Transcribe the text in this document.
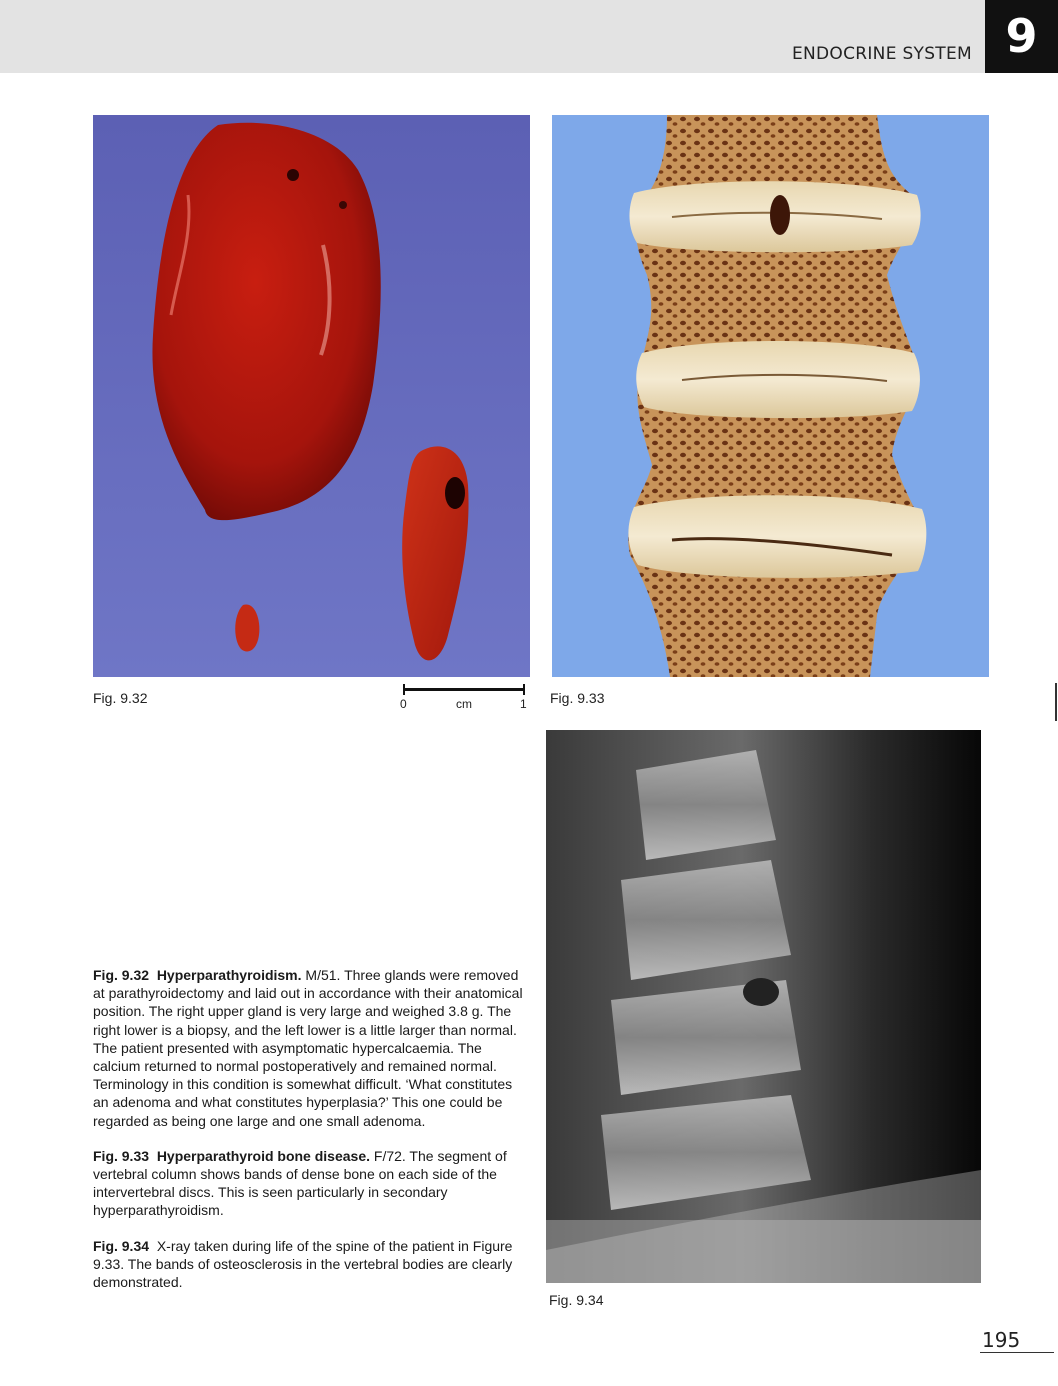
ENDOCRINE SYSTEM 9
Fig. 9.32	0	cm	1 Fig. 9.33
Fig. 9.34

Fig. 9.32 Hyperparathyroidism. M/51. Three glands were removed at parathyroidectomy and laid out in accordance with their anatomical position. The right upper gland is very large and weighed 3.8 g. The right lower is a biopsy, and the left lower is a little larger than normal. The patient presented with asymptomatic hypercalcaemia. The calcium returned to normal postoperatively and remained normal. Terminology in this condition is somewhat difficult. ‘What constitutes an adenoma and what constitutes hyperplasia?’ This one could be regarded as being one large and one small adenoma.

Fig. 9.33 Hyperparathyroid bone disease. F/72. The segment of vertebral column shows bands of dense bone on each side of the intervertebral discs. This is seen particularly in secondary hyperparathyroidism.

Fig. 9.34 X-ray taken during life of the spine of the patient in Figure 9.33. The bands of osteosclerosis in the vertebral bodies are clearly demonstrated.

195
